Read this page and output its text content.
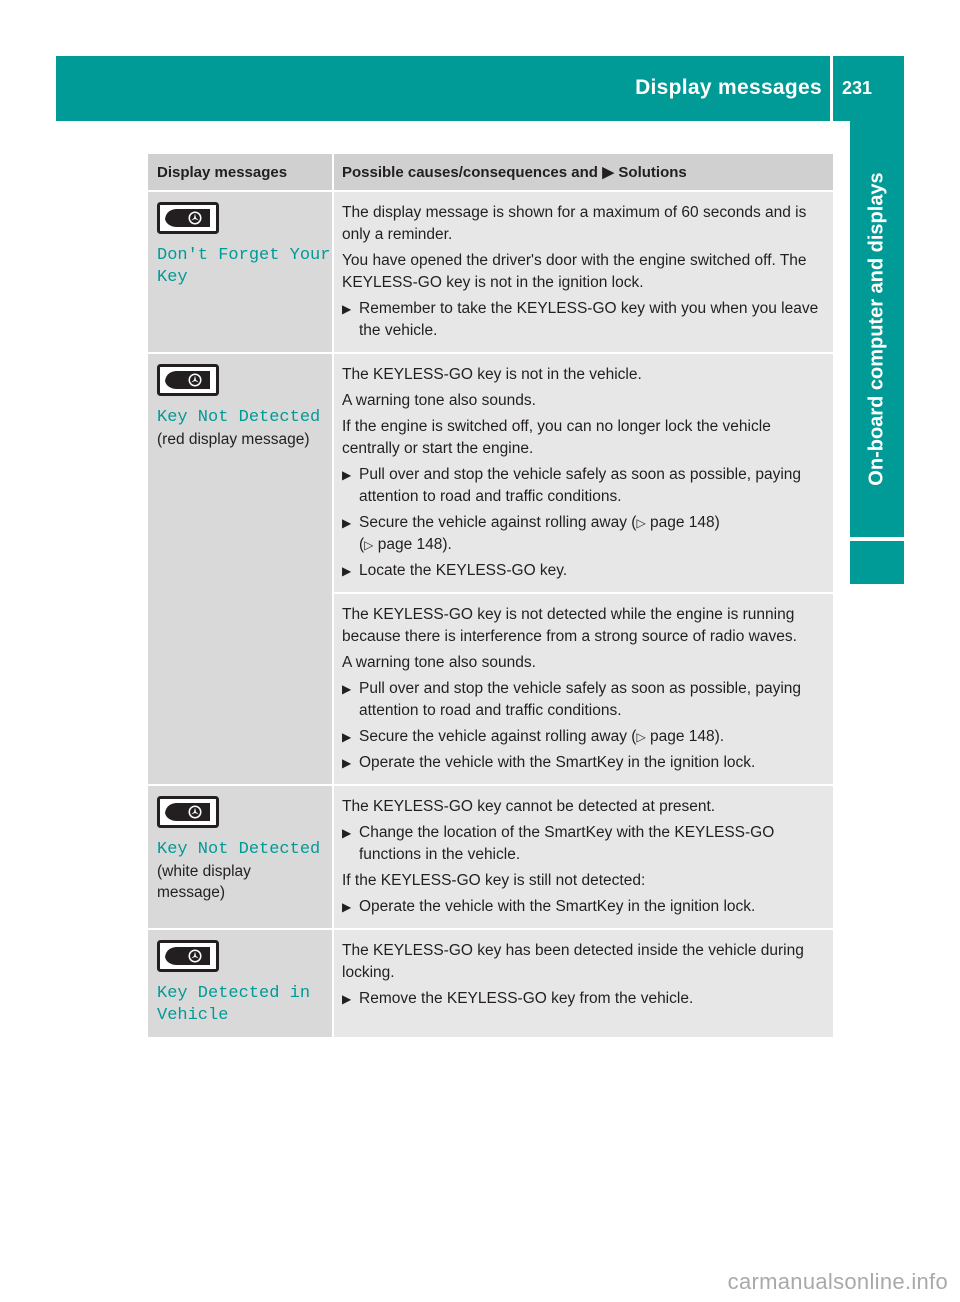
Display messages 231
On-board computer and displays
Display messages	Possible causes/consequences and ▶ Solutions
Don't Forget Your
Key
The display message is shown for a maximum of 60 seconds and is only a reminder.
You have opened the driver's door with the engine switched off. The KEYLESS-GO key is not in the ignition lock.
▶ Remember to take the KEYLESS-GO key with you when you leave the vehicle.
Key Not Detected
(red display message)
The KEYLESS-GO key is not in the vehicle.
A warning tone also sounds.
If the engine is switched off, you can no longer lock the vehicle centrally or start the engine.
▶ Pull over and stop the vehicle safely as soon as possible, paying attention to road and traffic conditions.
▶ Secure the vehicle against rolling away (▷ page 148)
(▷ page 148).
▶ Locate the KEYLESS-GO key.
The KEYLESS-GO key is not detected while the engine is running because there is interference from a strong source of radio waves.
A warning tone also sounds.
▶ Pull over and stop the vehicle safely as soon as possible, paying attention to road and traffic conditions.
▶ Secure the vehicle against rolling away (▷ page 148).
▶ Operate the vehicle with the SmartKey in the ignition lock.
Key Not Detected
(white display
message)
The KEYLESS-GO key cannot be detected at present.
▶ Change the location of the SmartKey with the KEYLESS-GO functions in the vehicle.
If the KEYLESS-GO key is still not detected:
▶ Operate the vehicle with the SmartKey in the ignition lock.
Key Detected in
Vehicle
The KEYLESS-GO key has been detected inside the vehicle during locking.
▶ Remove the KEYLESS-GO key from the vehicle.
carmanualsonline.info
